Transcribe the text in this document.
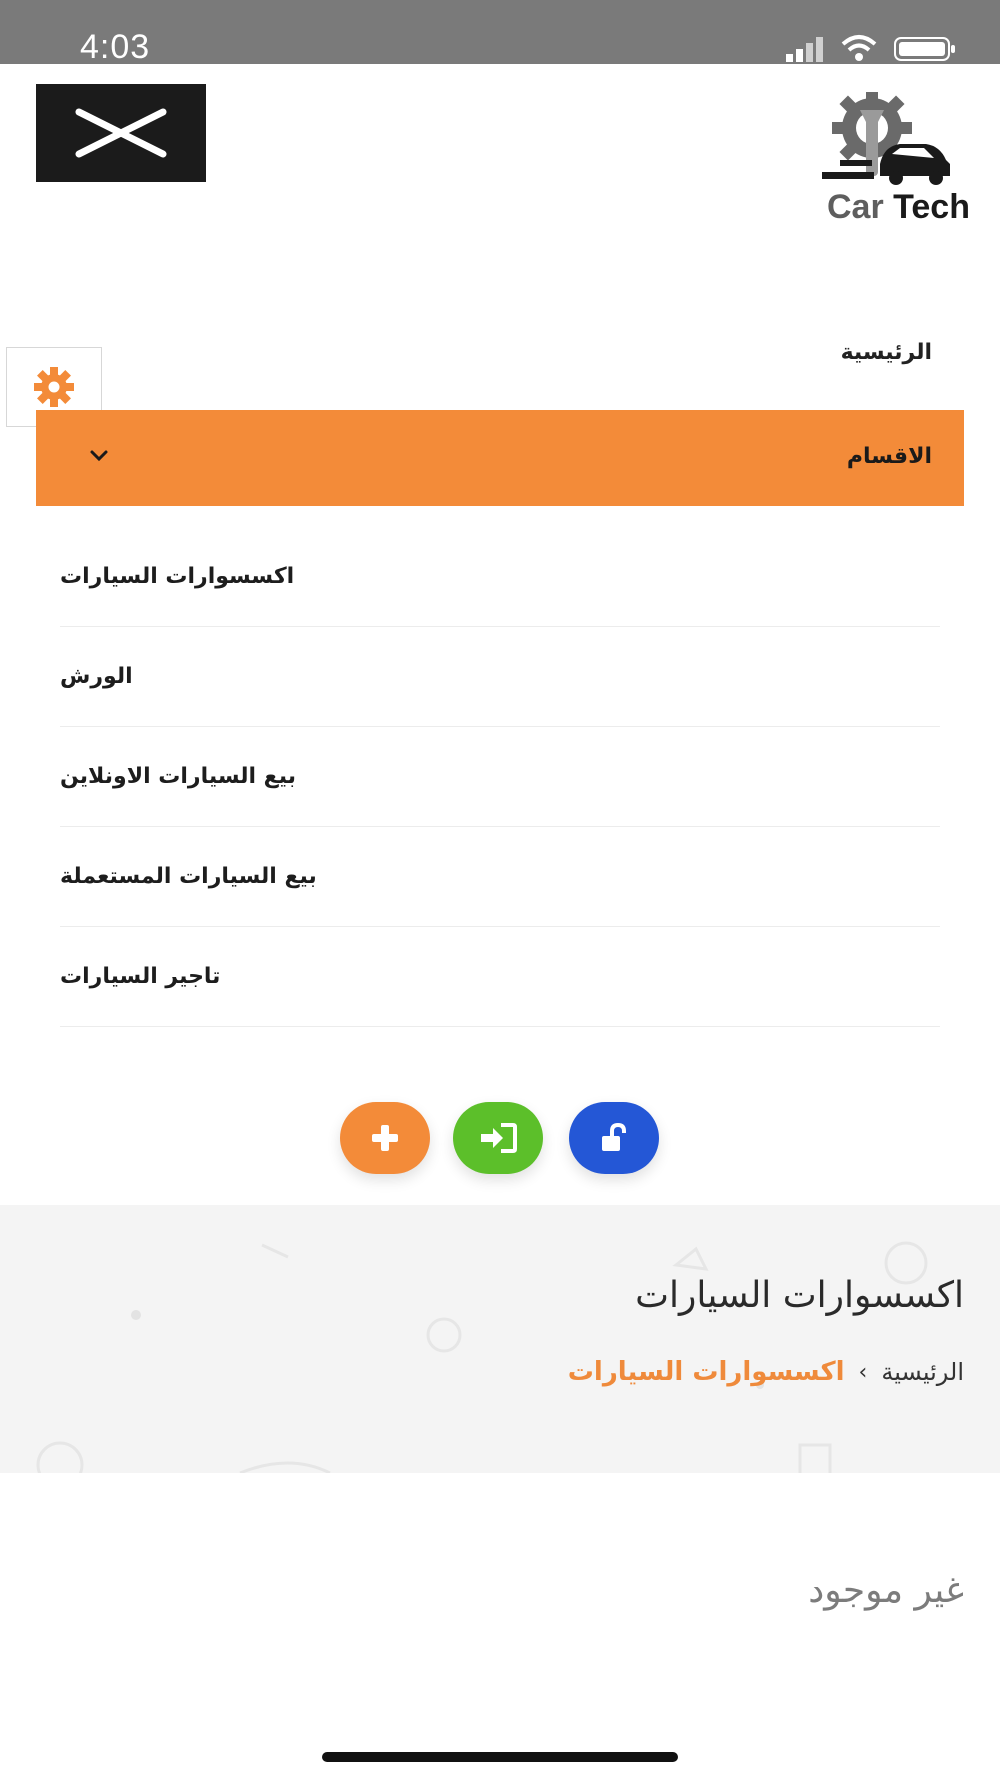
4:03
Car Tech
الرئيسية
الاقسام
اكسسوارات السيارات
الورش
بيع السيارات الاونلاين
بيع السيارات المستعملة
تاجير السيارات
اكسسوارات السيارات
الرئيسية
›
اكسسوارات السيارات
غير موجود
